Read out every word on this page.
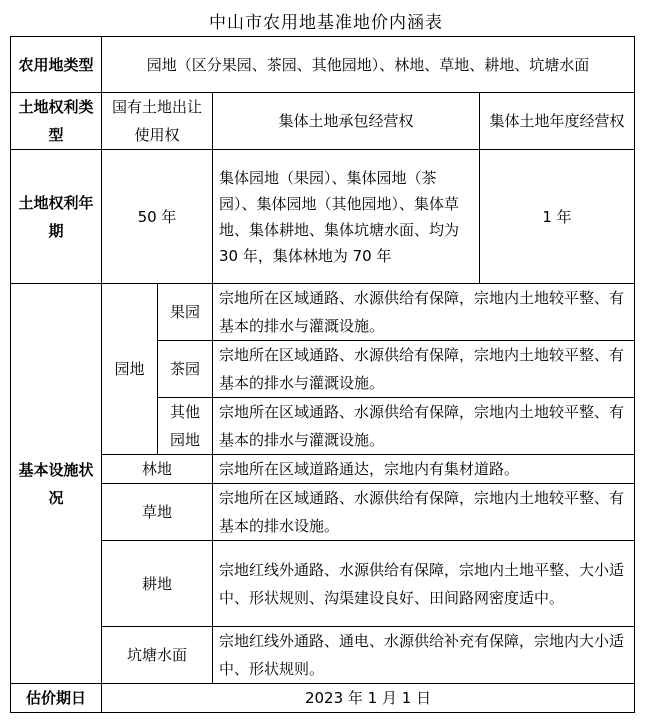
中山市农用地基准地价内涵表
农用地类型	园地（区分果园、茶园、其他园地）、林地、草地、耕地、坑塘水面			
土地权利类型	国有土地出让使用权		集体土地承包经营权	集体土地年度经营权
土地权利年期	50 年		集体园地（果园）、集体园地（茶园）、集体园地（其他园地）、集体草地、集体耕地、集体坑塘水面、均为 30 年，集体林地为 70 年	1 年
基本设施状况	园地	果园	宗地所在区域通路、水源供给有保障，宗地内土地较平整、有基本的排水与灌溉设施。	
		茶园	宗地所在区域通路、水源供给有保障，宗地内土地较平整、有基本的排水与灌溉设施。	
		其他园地	宗地所在区域通路、水源供给有保障，宗地内土地较平整、有基本的排水与灌溉设施。	
	林地		宗地所在区域道路通达，宗地内有集材道路。	
	草地		宗地所在区域通路、水源供给有保障，宗地内土地较平整、有基本的排水设施。	
	耕地		宗地红线外通路、水源供给有保障，宗地内土地平整、大小适中、形状规则、沟渠建设良好、田间路网密度适中。	
	坑塘水面		宗地红线外通路、通电、水源供给补充有保障，宗地内大小适中、形状规则。	
估价期日	2023 年 1 月 1 日			
